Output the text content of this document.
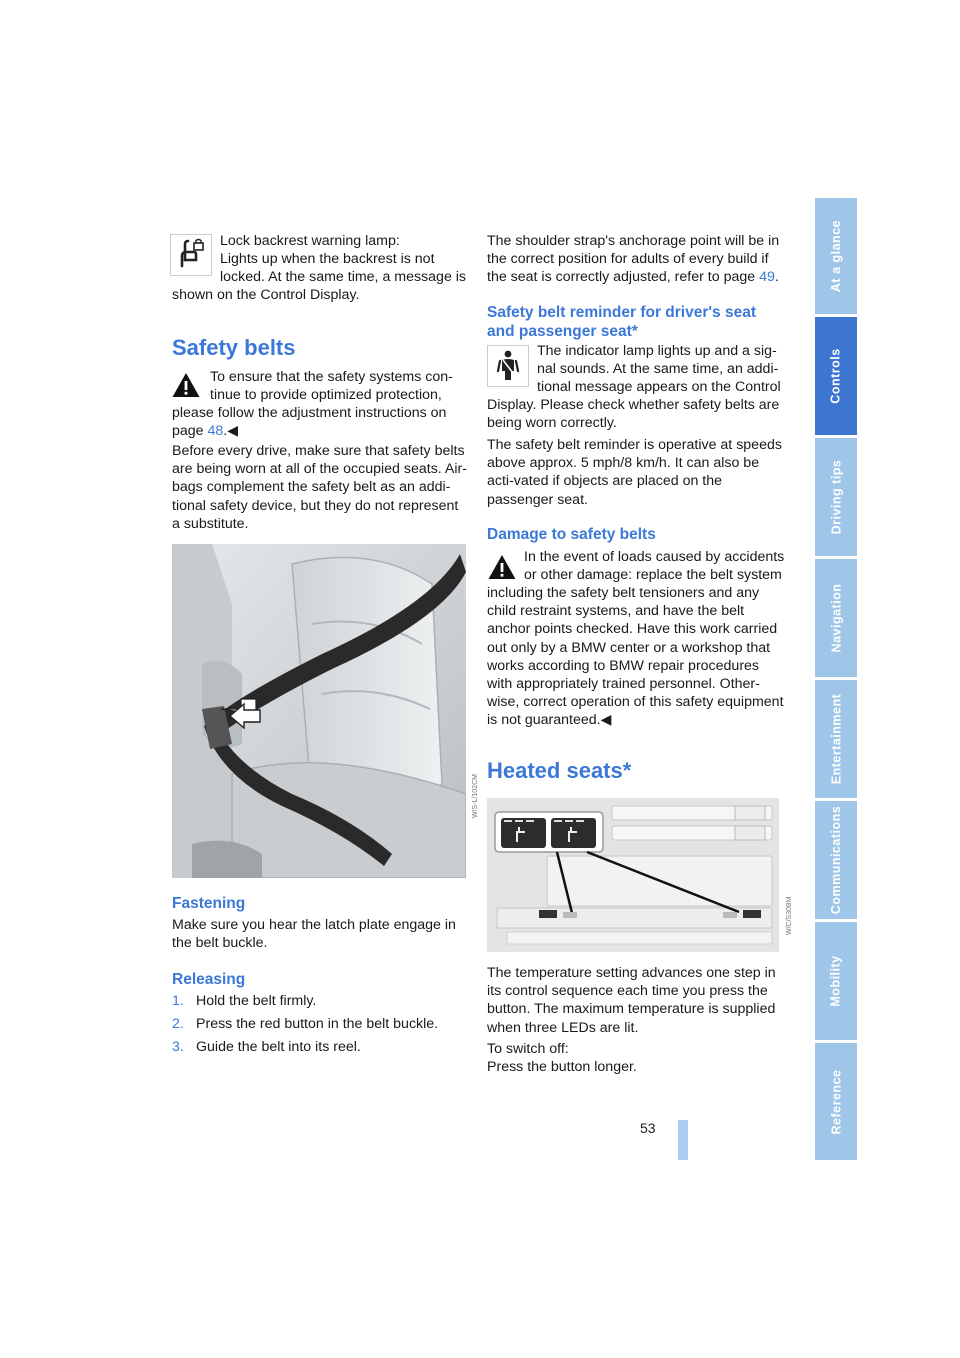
Lock backrest warning lamp:

Lights up when the backrest is not

locked. At the same time, a message is

shown on the Control Display.

Safety belts

To ensure that the safety systems con-

tinue to provide optimized protection,

please follow the adjustment instructions on

page 48.◀

Before every drive, make sure that safety belts are being worn at all of the occupied seats. Air-bags complement the safety belt as an addi-tional safety device, but they do not represent a substitute.

W/S-L/102CM
Fastening

Make sure you hear the latch plate engage in the belt buckle.

Releasing
1. Hold the belt firmly.
2. Press the red button in the belt buckle.
3. Guide the belt into its reel.

The shoulder strap's anchorage point will be in the correct position for adults of every build if the seat is correctly adjusted, refer to page 49.

Safety belt reminder for driver's seat
and passenger seat*

The indicator lamp lights up and a sig-

nal sounds. At the same time, an addi-

tional message appears on the Control

Display. Please check whether safety belts are being worn correctly.

The safety belt reminder is operative at speeds above approx. 5 mph/8 km/h. It can also be acti-vated if objects are placed on the passenger seat.

Damage to safety belts

In the event of loads caused by accidents

or other damage: replace the belt system

including the safety belt tensioners and any child restraint systems, and have the belt anchor points checked. Have this work carried out only by a BMW center or a workshop that works according to BMW repair procedures with appropriately trained personnel. Other-wise, correct operation of this safety equipment is not guaranteed.◀

Heated seats*
W/C/S30BM

The temperature setting advances one step in its control sequence each time you press the button. The maximum temperature is supplied when three LEDs are lit.

To switch off:

Press the button longer.

53
At a glance
Controls
Driving tips
Navigation
Entertainment
Communications
Mobility
Reference
